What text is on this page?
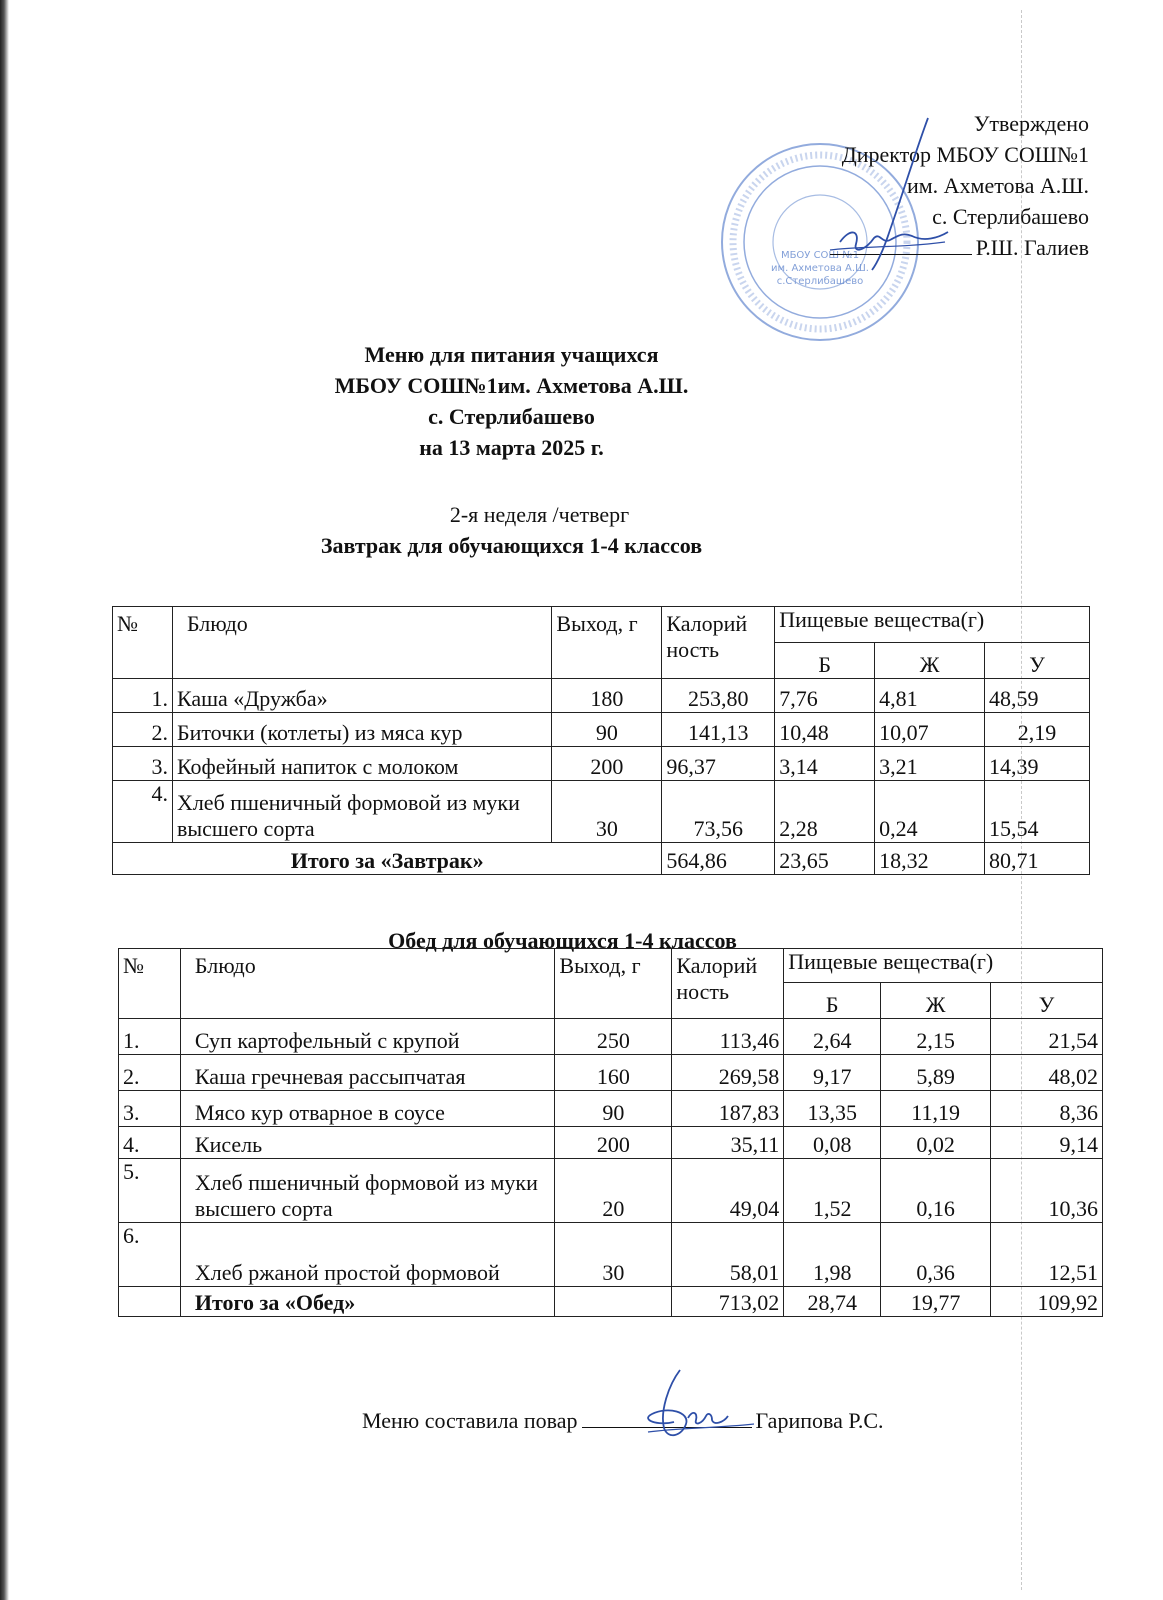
МБОУ СОШ №1
им. Ахметова А.Ш.
с.Стерлибашево
Утверждено
Директор МБОУ СОШ№1
им. Ахметова А.Ш.
с. Стерлибашево
Р.Ш. Галиев
Меню для питания учащихся
МБОУ СОШ№1им. Ахметова А.Ш.
с. Стерлибашево
на 13 марта 2025 г.
2-я неделя /четверг
Завтрак для обучающихся 1-4 классов
№	Блюдо	Выход, г	Калорий ность	Пищевые вещества(г)		
				Б	Ж	У
1.	Каша «Дружба»	180	253,80	7,76	4,81	48,59
2.	Биточки (котлеты) из мяса кур	90	141,13	10,48	10,07	2,19
3.	Кофейный напиток с молоком	200	96,37	3,14	3,21	14,39
4.	Хлеб пшеничный формовой из муки высшего сорта	30	73,56	2,28	0,24	15,54
Итого за «Завтрак»			564,86	23,65	18,32	80,71
Обед для обучающихся 1-4 классов
№	Блюдо	Выход, г	Калорий ность	Пищевые вещества(г)		
				Б	Ж	У
1.	Суп картофельный с крупой	250	113,46	2,64	2,15	21,54
2.	Каша гречневая рассыпчатая	160	269,58	9,17	5,89	48,02
3.	Мясо кур отварное в соусе	90	187,83	13,35	11,19	8,36
4.	Кисель	200	35,11	0,08	0,02	9,14
5.	Хлеб пшеничный формовой из муки высшего сорта	20	49,04	1,52	0,16	10,36
6.	Хлеб ржаной простой формовой	30	58,01	1,98	0,36	12,51
	Итого за «Обед»		713,02	28,74	19,77	109,92
Меню составила повар	Гарипова Р.С.
